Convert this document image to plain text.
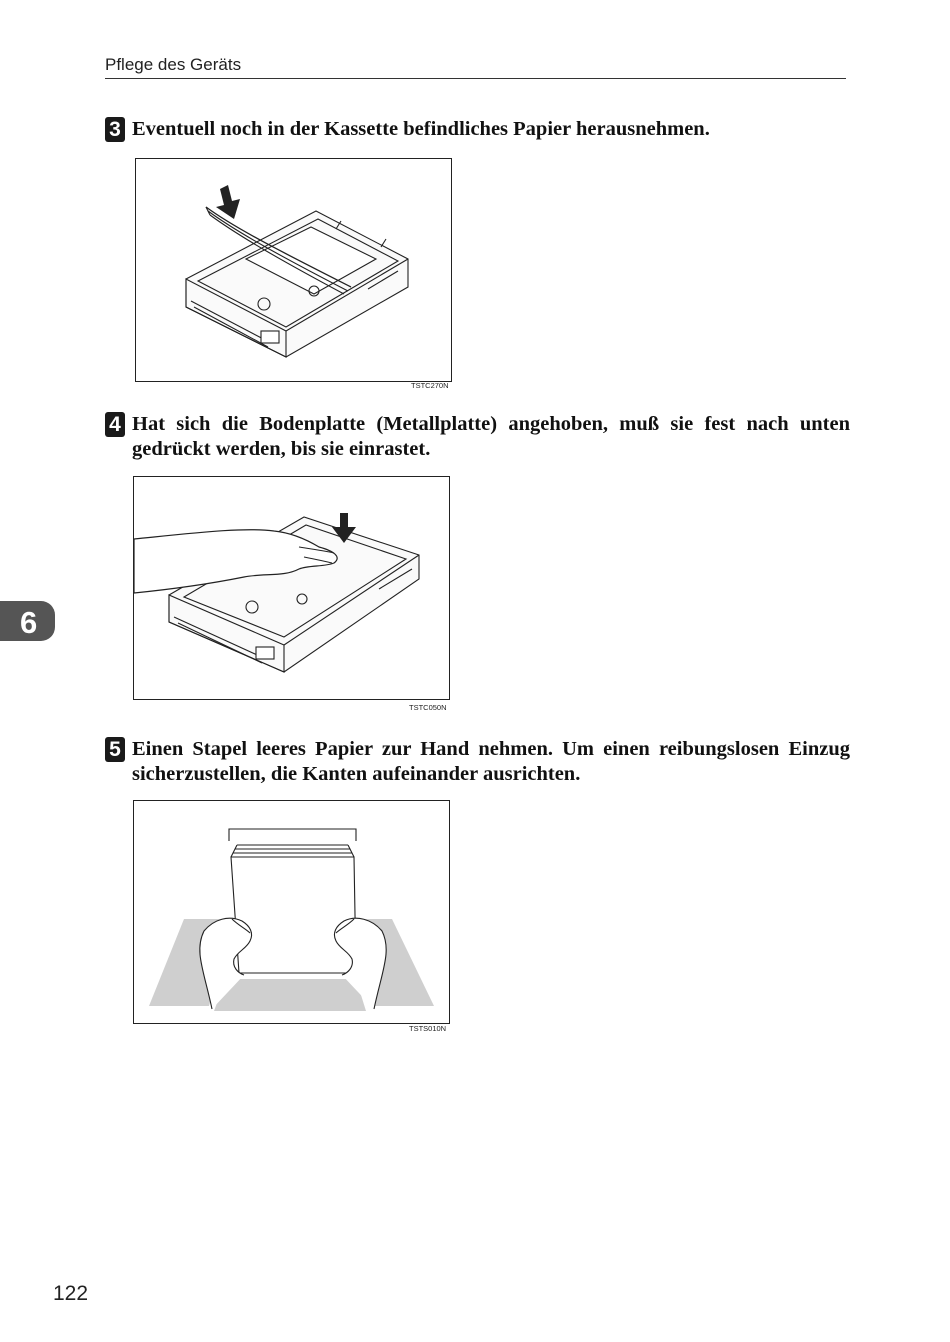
Pflege des Geräts
6
3 Eventuell noch in der Kassette befindliches Papier herausnehmen.

TSTC270N
4 Hat sich die Bodenplatte (Metallplatte) angehoben, muß sie fest nach unten gedrückt werden, bis sie einrastet.

TSTC050N
5 Einen Stapel leeres Papier zur Hand nehmen. Um einen reibungslosen Einzug sicherzustellen, die Kanten aufeinander ausrichten.

TSTS010N
122
